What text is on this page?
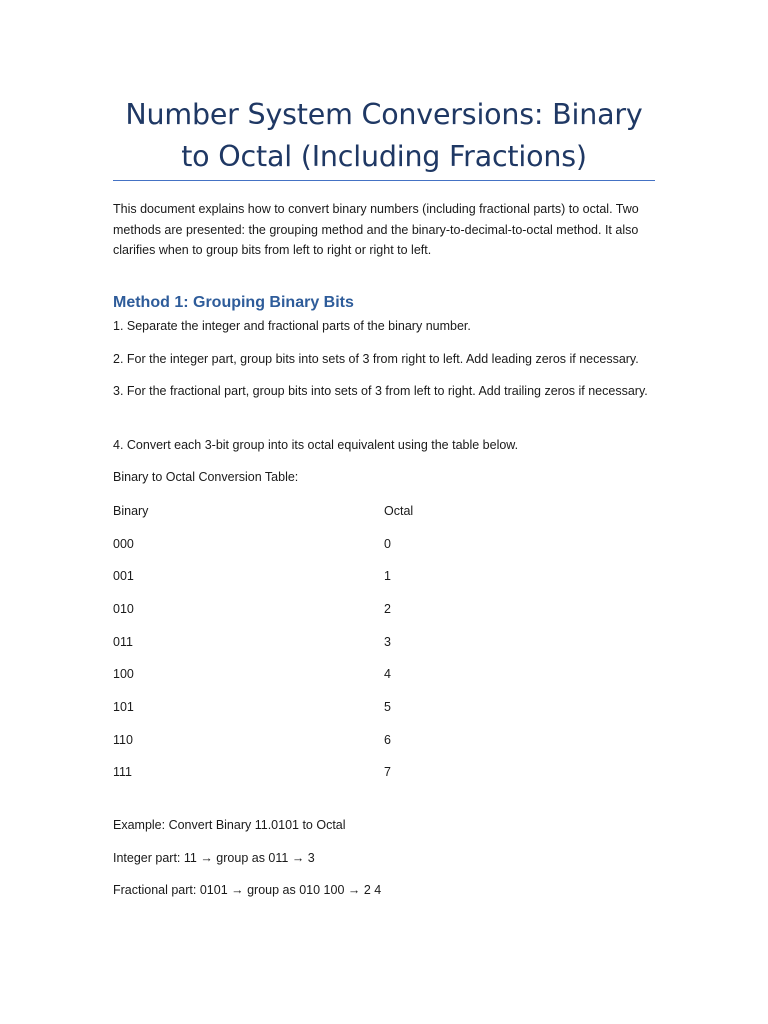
Number System Conversions: Binary to Octal (Including Fractions)

This document explains how to convert binary numbers (including fractional parts) to octal. Two methods are presented: the grouping method and the binary-to-decimal-to-octal method. It also clarifies when to group bits from left to right or right to left.

Method 1: Grouping Binary Bits

1. Separate the integer and fractional parts of the binary number.

2. For the integer part, group bits into sets of 3 from right to left. Add leading zeros if necessary.

3. For the fractional part, group bits into sets of 3 from left to right. Add trailing zeros if necessary.

4. Convert each 3-bit group into its octal equivalent using the table below.

Binary to Octal Conversion Table:

Binary	Octal
000	0
001	1
010	2
011	3
100	4
101	5
110	6
111	7

Example: Convert Binary 11.0101 to Octal

Integer part: 11 → group as 011 → 3

Fractional part: 0101 → group as 010 100 → 2 4
